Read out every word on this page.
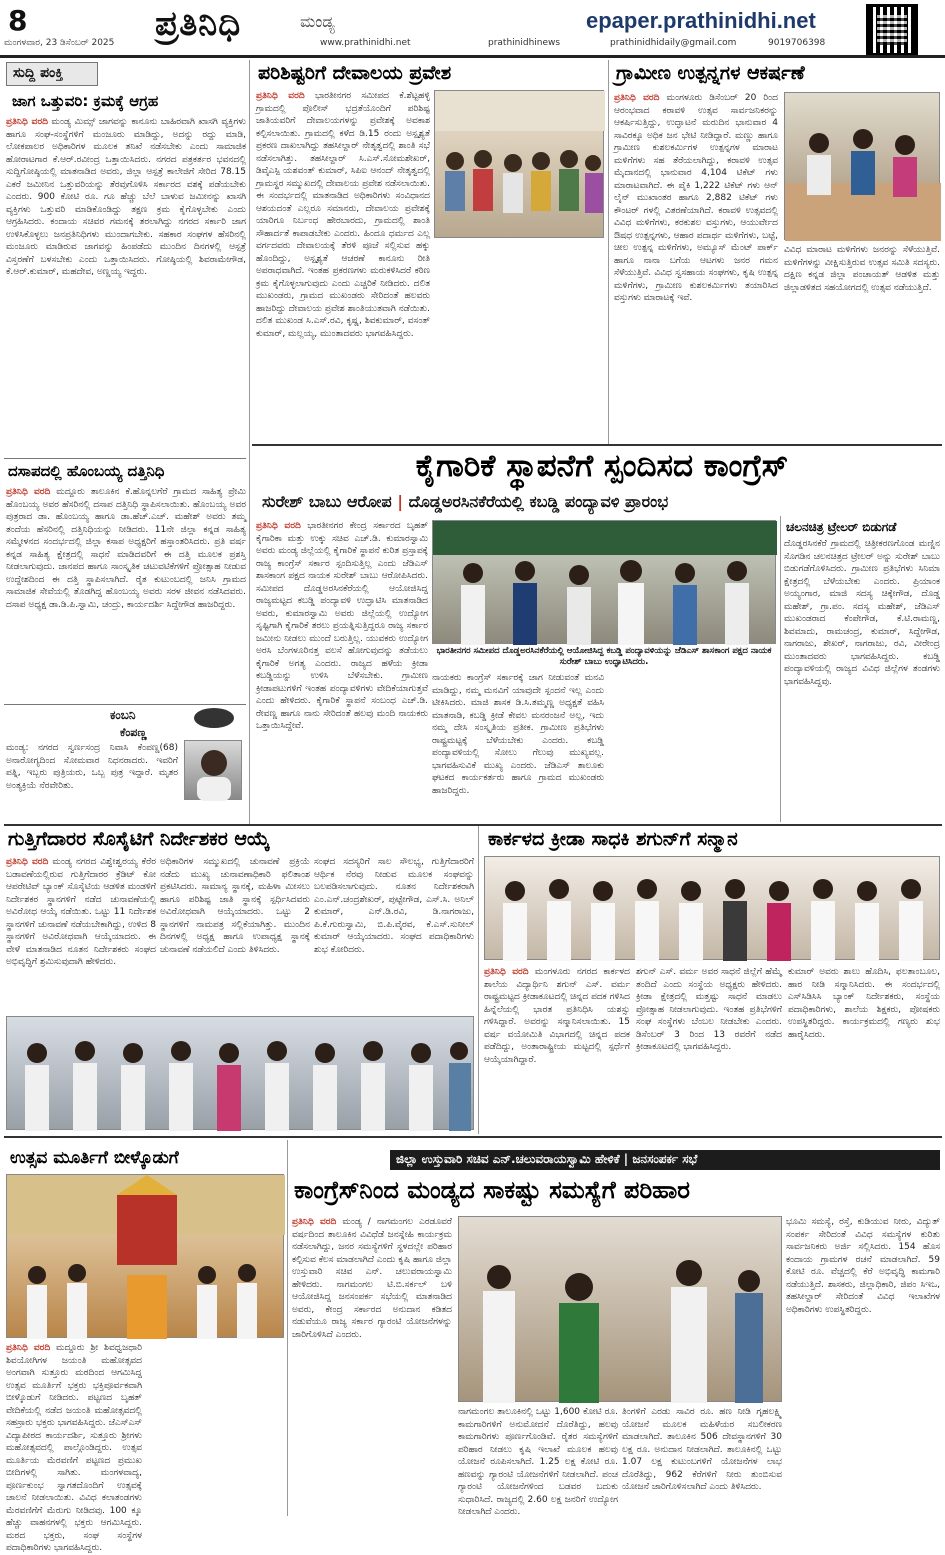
8	ಪ್ರತಿನಿಧಿ	ಮಂಡ್ಯ	epaper.prathinidhi.net
ಮಂಗಳವಾರ, 23 ಡಿಸೆಂಬರ್ 2025	www.prathinidhi.net	prathinidhinews	prathinidhidaily@gmail.com	9019706398
ಸುದ್ದಿ ಪಂಕ್ತಿ
ಜಾಗ ಒತ್ತುವರಿ: ಕ್ರಮಕ್ಕೆ ಆಗ್ರಹ
ಪ್ರತಿನಿಧಿ ವರದಿ ಮಂಡ್ಯ ಮಿಮ್ಸ್ ಜಾಗವನ್ನು ಕಾನೂನು ಬಾಹಿರವಾಗಿ ಖಾಸಗಿ ವ್ಯಕ್ತಿಗಳು ಹಾಗೂ ಸಂಘ-ಸಂಸ್ಥೆಗಳಿಗೆ ಮಂಜೂರು ಮಾಡಿದ್ದು, ಅದನ್ನು ರದ್ದು ಮಾಡಿ, ಲೋಕಪಾಲರ ಅಧಿಕಾರಿಗಳ ಮೂಲಕ ತನಿಖೆ ನಡೆಸಬೇಕು ಎಂದು ಸಾಮಾಜಿಕ ಹೋರಾಟಗಾರ ಕೆ.ಆರ್.ರವೀಂದ್ರ ಒತ್ತಾಯಿಸಿದರು. ನಗರದ ಪತ್ರಕರ್ತರ ಭವನದಲ್ಲಿ ಸುದ್ದಿಗೋಷ್ಠಿಯಲ್ಲಿ ಮಾತನಾಡಿದ ಅವರು, ಜಿಲ್ಲಾ ಆಸ್ಪತ್ರೆ ಕಾಲೇಜಿಗೆ ಸೇರಿದ 78.15 ಎಕರೆ ಜಮೀನಿನ ಒತ್ತುವರಿಯನ್ನು ತೆರವುಗೊಳಿಸಿ ಸರ್ಕಾರದ ವಶಕ್ಕೆ ಪಡೆಯಬೇಕು ಎಂದರು. 900 ಕೋಟಿ ರೂ. ಗೂ ಹೆಚ್ಚು ಬೆಲೆ ಬಾಳುವ ಜಮೀನನ್ನು ಖಾಸಗಿ ವ್ಯಕ್ತಿಗಳು ಒತ್ತುವರಿ ಮಾಡಿಕೊಂಡಿದ್ದು ತಕ್ಷಣ ಕ್ರಮ ಕೈಗೊಳ್ಳಬೇಕು ಎಂದು ಆಗ್ರಹಿಸಿದರು. ಕಂದಾಯ ಸಚಿವರ ಗಮನಕ್ಕೆ ತರಲಾಗಿದ್ದು ನಗರದ ಸರ್ಕಾರಿ ಜಾಗ ಉಳಿಸಿಕೊಳ್ಳಲು ಜನಪ್ರತಿನಿಧಿಗಳು ಮುಂದಾಗಬೇಕು. ಸಹಕಾರ ಸಂಘಗಳ ಹೆಸರಿನಲ್ಲಿ ಮಂಜೂರು ಮಾಡಿರುವ ಜಾಗವನ್ನು ಹಿಂಪಡೆದು ಮುಂದಿನ ದಿನಗಳಲ್ಲಿ ಆಸ್ಪತ್ರೆ ವಿಸ್ತರಣೆಗೆ ಬಳಸಬೇಕು ಎಂದು ಒತ್ತಾಯಿಸಿದರು. ಗೋಷ್ಠಿಯಲ್ಲಿ ಶಿವರಾಮೇಗೌಡ, ಕೆ.ಆರ್.ಕುಮಾರ್, ಮಹದೇವ, ಅಣ್ಣಯ್ಯ ಇದ್ದರು.
ದಸಾಪದಲ್ಲಿ ಹೊಂಬಯ್ಯ ದತ್ತಿನಿಧಿ
ಪ್ರತಿನಿಧಿ ವರದಿ ಮದ್ದೂರು ತಾಲೂಕಿನ ಕೆ.ಹೊನ್ನಲಗೆರೆ ಗ್ರಾಮದ ಸಾಹಿತ್ಯ ಪ್ರೇಮಿ ಹೊಂಬಯ್ಯ ಅವರ ಹೆಸರಿನಲ್ಲಿ ದಸಾಪ ದತ್ತಿನಿಧಿ ಸ್ಥಾಪಿಸಲಾಯಿತು. ಹೊಂಬಯ್ಯ ಅವರ ಪುತ್ರರಾದ ಡಾ. ಹೊಂಬಯ್ಯ ಹಾಗೂ ಡಾ.ಹೆಚ್.ಎಚ್. ಮಹೇಶ್ ಅವರು ತಮ್ಮ ತಂದೆಯ ಹೆಸರಿನಲ್ಲಿ ದತ್ತಿನಿಧಿಯನ್ನು ನೀಡಿದರು. 11ನೇ ಜಿಲ್ಲಾ ಕನ್ನಡ ಸಾಹಿತ್ಯ ಸಮ್ಮೇಳನದ ಸಂದರ್ಭದಲ್ಲಿ ಜಿಲ್ಲಾ ಕಸಾಪ ಅಧ್ಯಕ್ಷರಿಗೆ ಹಸ್ತಾಂತರಿಸಿದರು. ಪ್ರತಿ ವರ್ಷ ಕನ್ನಡ ಸಾಹಿತ್ಯ ಕ್ಷೇತ್ರದಲ್ಲಿ ಸಾಧನೆ ಮಾಡಿದವರಿಗೆ ಈ ದತ್ತಿ ಮೂಲಕ ಪ್ರಶಸ್ತಿ ನೀಡಲಾಗುವುದು. ಜಾನಪದ ಹಾಗೂ ಸಾಂಸ್ಕೃತಿಕ ಚಟುವಟಿಕೆಗಳಿಗೆ ಪ್ರೋತ್ಸಾಹ ನೀಡುವ ಉದ್ದೇಶದಿಂದ ಈ ದತ್ತಿ ಸ್ಥಾಪಿಸಲಾಗಿದೆ. ರೈತ ಕುಟುಂಬದಲ್ಲಿ ಜನಿಸಿ ಗ್ರಾಮದ ಸಾಮಾಜಿಕ ಸೇವೆಯಲ್ಲಿ ತೊಡಗಿದ್ದ ಹೊಂಬಯ್ಯ ಅವರು ಸರಳ ಜೀವನ ನಡೆಸಿದವರು. ದಸಾಪ ಅಧ್ಯಕ್ಷ ಡಾ.ಡಿ.ಪಿ.ಸ್ವಾಮಿ, ಚಂದ್ರು, ಕಾರ್ಯದರ್ಶಿ ಸಿದ್ದೇಗೌಡ ಹಾಜರಿದ್ದರು.
ಕಂಬನಿ
ಕೆಂಪಣ್ಣ
ಮಂಡ್ಯ: ನಗರದ ಸ್ವರ್ಣಸಂದ್ರ ನಿವಾಸಿ ಕೆಂಪಣ್ಣ(68) ಅನಾರೋಗ್ಯದಿಂದ ಸೋಮವಾರ ನಿಧನರಾದರು. ಇವರಿಗೆ ಪತ್ನಿ, ಇಬ್ಬರು ಪುತ್ರಿಯರು, ಒಬ್ಬ ಪುತ್ರ ಇದ್ದಾರೆ. ಮೃತರ ಅಂತ್ಯಕ್ರಿಯೆ ನೆರವೇರಿತು.
ಪರಿಶಿಷ್ಟರಿಗೆ ದೇವಾಲಯ ಪ್ರವೇಶ
ಪ್ರತಿನಿಧಿ ವರದಿ ಭಾರತೀನಗರ ಸಮೀಪದ ಕೆ.ಶೆಟ್ಟಹಳ್ಳಿ ಗ್ರಾಮದಲ್ಲಿ ಪೊಲೀಸ್ ಭದ್ರತೆಯೊಂದಿಗೆ ಪರಿಶಿಷ್ಟ ಜಾತಿಯವರಿಗೆ ದೇವಾಲಯಗಳನ್ನು ಪ್ರವೇಶಕ್ಕೆ ಅವಕಾಶ ಕಲ್ಪಿಸಲಾಯಿತು. ಗ್ರಾಮದಲ್ಲಿ ಕಳೆದ ಡಿ.15 ರಂದು ಅಸ್ಪೃಶ್ಯತೆ ಪ್ರಕರಣ ದಾಖಲಾಗಿದ್ದು ತಹಸೀಲ್ದಾರ್ ನೇತೃತ್ವದಲ್ಲಿ ಶಾಂತಿ ಸಭೆ ನಡೆಸಲಾಗಿತ್ತು. ತಹಸೀಲ್ದಾರ್ ಸಿ.ಎಸ್.ಸೋಮಶೇಖರ್, ಡಿವೈಎಸ್ಪಿ ಯಶವಂತ್ ಕುಮಾರ್, ಸಿಪಿಐ ಆನಂದ್ ನೇತೃತ್ವದಲ್ಲಿ ಗ್ರಾಮಸ್ಥರ ಸಮ್ಮುಖದಲ್ಲಿ ದೇವಾಲಯ ಪ್ರವೇಶ ನಡೆಸಲಾಯಿತು. ಈ ಸಂದರ್ಭದಲ್ಲಿ ಮಾತನಾಡಿದ ಅಧಿಕಾರಿಗಳು ಸಂವಿಧಾನದ ಆಶಯದಂತೆ ಎಲ್ಲರೂ ಸಮಾನರು, ದೇವಾಲಯ ಪ್ರವೇಶಕ್ಕೆ ಯಾರಿಗೂ ನಿರ್ಬಂಧ ಹೇರಬಾರದು, ಗ್ರಾಮದಲ್ಲಿ ಶಾಂತಿ ಸೌಹಾರ್ದತೆ ಕಾಪಾಡಬೇಕು ಎಂದರು. ಹಿಂದೂ ಧರ್ಮದ ಎಲ್ಲ ವರ್ಗದವರು ದೇವಾಲಯಕ್ಕೆ ತೆರಳಿ ಪೂಜೆ ಸಲ್ಲಿಸುವ ಹಕ್ಕು ಹೊಂದಿದ್ದು, ಅಸ್ಪೃಶ್ಯತೆ ಆಚರಣೆ ಕಾನೂನು ರೀತಿ ಅಪರಾಧವಾಗಿದೆ. ಇಂತಹ ಪ್ರಕರಣಗಳು ಮರುಕಳಿಸಿದರೆ ಕಠಿಣ ಕ್ರಮ ಕೈಗೊಳ್ಳಲಾಗುವುದು ಎಂದು ಎಚ್ಚರಿಕೆ ನೀಡಿದರು. ದಲಿತ ಮುಖಂಡರು, ಗ್ರಾಮದ ಮುಖಂಡರು ಸೇರಿದಂತೆ ಹಲವರು ಹಾಜರಿದ್ದು ದೇವಾಲಯ ಪ್ರವೇಶ ಶಾಂತಿಯುತವಾಗಿ ನಡೆಯಿತು. ದಲಿತ ಮುಖಂಡ ಸಿ.ಎಸ್.ರವಿ, ಕೃಷ್ಣ, ಶಿವಕುಮಾರ್, ವಸಂತ್ ಕುಮಾರ್, ಮಲ್ಲಯ್ಯ, ಮುಂತಾದವರು ಭಾಗವಹಿಸಿದ್ದರು.
ಗ್ರಾಮೀಣ ಉತ್ಪನ್ನಗಳ ಆಕರ್ಷಣೆ
ಪ್ರತಿನಿಧಿ ವರದಿ ಮಂಗಳೂರು ಡಿಸೆಂಬರ್ 20 ರಿಂದ ಆರಂಭವಾದ ಕರಾವಳಿ ಉತ್ಸವ ಸಾರ್ವಜನಿಕರನ್ನು ಆಕರ್ಷಿಸುತ್ತಿದ್ದು, ಉದ್ಘಾಟನೆ ಮರುದಿನ ಭಾನುವಾರ 4 ಸಾವಿರಕ್ಕೂ ಅಧಿಕ ಜನ ಭೇಟಿ ನೀಡಿದ್ದಾರೆ. ಮಣ್ಣು ಹಾಗೂ ಗ್ರಾಮೀಣ ಕುಶಲಕರ್ಮಿಗಳ ಉತ್ಪನ್ನಗಳ ಮಾರಾಟ ಮಳಿಗೆಗಳು ಸಹ ತೆರೆಯಲಾಗಿದ್ದು, ಕರಾವಳಿ ಉತ್ಸವ ಮೈದಾನದಲ್ಲಿ ಭಾನುವಾರ 4,104 ಟಿಕೆಟ್ ಗಳು ಮಾರಾಟವಾಗಿದೆ. ಈ ಪೈಕಿ 1,222 ಟಿಕೆಟ್ ಗಳು ಆನ್ ಲೈನ್ ಮುಖಾಂತರ ಹಾಗೂ 2,882 ಟಿಕೆಟ್ ಗಳು ಕೌಂಟರ್ ಗಳಲ್ಲಿ ವಿತರಣೆಯಾಗಿದೆ. ಕರಾವಳಿ ಉತ್ಸವದಲ್ಲಿ ವಿವಿಧ ಮಳಿಗೆಗಳು, ಕರಕುಶಲ ವಸ್ತುಗಳು, ಆಯುರ್ವೇದ ಔಷಧ ಉತ್ಪನ್ನಗಳು, ಆಹಾರ ಪದಾರ್ಥ ಮಳಿಗೆಗಳು, ಬಟ್ಟೆ, ಚೀಲ ಉತ್ಪನ್ನ ಮಳಿಗೆಗಳು, ಅಮ್ಯೂಸ್ ಮೆಂಟ್ ಪಾರ್ಕ್ ಹಾಗೂ ನಾನಾ ಬಗೆಯ ಆಟಗಳು ಜನರ ಗಮನ ಸೆಳೆಯುತ್ತಿವೆ. ವಿವಿಧ ಸ್ವಸಹಾಯ ಸಂಘಗಳು, ಕೃಷಿ ಉತ್ಪನ್ನ ಮಳಿಗೆಗಳು, ಗ್ರಾಮೀಣ ಕುಶಲಕರ್ಮಿಗಳು ತಯಾರಿಸಿದ ವಸ್ತುಗಳು ಮಾರಾಟಕ್ಕೆ ಇವೆ.
ವಿವಿಧ ಮಾರಾಟ ಮಳಿಗೆಗಳು ಜನರನ್ನು ಸೆಳೆಯುತ್ತಿವೆ. ಮಳಿಗೆಗಳನ್ನು ವೀಕ್ಷಿಸುತ್ತಿರುವ ಉತ್ಸವ ಸಮಿತಿ ಸದಸ್ಯರು. ದಕ್ಷಿಣ ಕನ್ನಡ ಜಿಲ್ಲಾ ಪಂಚಾಯತ್ ಆಡಳಿತ ಮತ್ತು ಜಿಲ್ಲಾಡಳಿತದ ಸಹಯೋಗದಲ್ಲಿ ಉತ್ಸವ ನಡೆಯುತ್ತಿದೆ.
ಕೈಗಾರಿಕೆ ಸ್ಥಾಪನೆಗೆ ಸ್ಪಂದಿಸದ ಕಾಂಗ್ರೆಸ್
ಸುರೇಶ್ ಬಾಬು ಆರೋಪ | ದೊಡ್ಡಅರಸಿನಕೆರೆಯಲ್ಲಿ ಕಬಡ್ಡಿ ಪಂದ್ಯಾವಳಿ ಪ್ರಾರಂಭ
ಪ್ರತಿನಿಧಿ ವರದಿ ಭಾರತೀನಗರ ಕೇಂದ್ರ ಸರ್ಕಾರದ ಬೃಹತ್ ಕೈಗಾರಿಕಾ ಮತ್ತು ಉಕ್ಕು ಸಚಿವ ಎಚ್.ಡಿ. ಕುಮಾರಸ್ವಾಮಿ ಅವರು ಮಂಡ್ಯ ಜಿಲ್ಲೆಯಲ್ಲಿ ಕೈಗಾರಿಕೆ ಸ್ಥಾಪನೆ ಕುರಿತ ಪ್ರಸ್ತಾಪಕ್ಕೆ ರಾಜ್ಯ ಕಾಂಗ್ರೆಸ್ ಸರ್ಕಾರ ಸ್ಪಂದಿಸುತ್ತಿಲ್ಲ ಎಂದು ಜೆಡಿಎಸ್ ಶಾಸಕಾಂಗ ಪಕ್ಷದ ನಾಯಕ ಸುರೇಶ್ ಬಾಬು ಆರೋಪಿಸಿದರು. ಸಮೀಪದ ದೊಡ್ಡಅರಸಿನಕೆರೆಯಲ್ಲಿ ಆಯೋಜಿಸಿದ್ದ ರಾಜ್ಯಮಟ್ಟದ ಕಬಡ್ಡಿ ಪಂದ್ಯಾವಳಿ ಉದ್ಘಾಟಿಸಿ ಮಾತನಾಡಿದ ಅವರು, ಕುಮಾರಸ್ವಾಮಿ ಅವರು ಜಿಲ್ಲೆಯಲ್ಲಿ ಉದ್ಯೋಗ ಸೃಷ್ಟಿಗಾಗಿ ಕೈಗಾರಿಕೆ ತರಲು ಪ್ರಯತ್ನಿಸುತ್ತಿದ್ದರೂ ರಾಜ್ಯ ಸರ್ಕಾರ ಜಮೀನು ನೀಡಲು ಮುಂದೆ ಬರುತ್ತಿಲ್ಲ. ಯುವಕರು ಉದ್ಯೋಗ ಅರಸಿ ಬೆಂಗಳೂರಿನತ್ತ ವಲಸೆ ಹೋಗುವುದನ್ನು ತಡೆಯಲು ಕೈಗಾರಿಕೆ ಅಗತ್ಯ ಎಂದರು. ರಾಜ್ಯದ ಹಳೆಯ ಕ್ರೀಡಾ ಕಬಡ್ಡಿಯನ್ನು ಉಳಿಸಿ ಬೆಳೆಸಬೇಕು. ಗ್ರಾಮೀಣ ಕ್ರೀಡಾಪಟುಗಳಿಗೆ ಇಂತಹ ಪಂದ್ಯಾವಳಿಗಳು ವೇದಿಕೆಯಾಗುತ್ತವೆ ಎಂದು ಹೇಳಿದರು. ಕೈಗಾರಿಕೆ ಸ್ಥಾಪನೆ ಸಂಬಂಧ ಎಚ್.ಡಿ. ರೇವಣ್ಣ ಹಾಗೂ ನಾನು ಸೇರಿದಂತೆ ಹಲವು ಮಂದಿ ನಾಯಕರು ಒತ್ತಾಯಿಸಿದ್ದೇವೆ.
ಭಾರತೀನಗರ ಸಮೀಪದ ದೊಡ್ಡಅರಸಿನಕೆರೆಯಲ್ಲಿ ಆಯೋಜಿಸಿದ್ದ ಕಬಡ್ಡಿ ಪಂದ್ಯಾವಳಿಯನ್ನು ಜೆಡಿಎಸ್ ಶಾಸಕಾಂಗ ಪಕ್ಷದ ನಾಯಕ ಸುರೇಶ್ ಬಾಬು ಉದ್ಘಾಟಿಸಿದರು.
ನಾಯಕರು ಕಾಂಗ್ರೆಸ್ ಸರ್ಕಾರಕ್ಕೆ ಜಾಗ ನೀಡುವಂತೆ ಮನವಿ ಮಾಡಿದ್ದು, ನಮ್ಮ ಮನವಿಗೆ ಯಾವುದೇ ಸ್ಪಂದನೆ ಇಲ್ಲ ಎಂದು ಟೀಕಿಸಿದರು. ಮಾಜಿ ಶಾಸಕ ಡಿ.ಸಿ.ತಮ್ಮಣ್ಣ ಅಧ್ಯಕ್ಷತೆ ವಹಿಸಿ ಮಾತನಾಡಿ, ಕಬಡ್ಡಿ ಕ್ರೀಡೆ ಕೇವಲ ಮನರಂಜನೆ ಅಲ್ಲ, ಇದು ನಮ್ಮ ದೇಸಿ ಸಂಸ್ಕೃತಿಯ ಪ್ರತೀಕ. ಗ್ರಾಮೀಣ ಪ್ರತಿಭೆಗಳು ರಾಷ್ಟ್ರಮಟ್ಟಕ್ಕೆ ಬೆಳೆಯಬೇಕು ಎಂದರು. ಕಬಡ್ಡಿ ಪಂದ್ಯಾವಳಿಯಲ್ಲಿ ಸೋಲು ಗೆಲುವು ಮುಖ್ಯವಲ್ಲ. ಭಾಗವಹಿಸುವಿಕೆ ಮುಖ್ಯ ಎಂದರು. ಜೆಡಿಎಸ್ ತಾಲೂಕು ಘಟಕದ ಕಾರ್ಯಕರ್ತರು ಹಾಗೂ ಗ್ರಾಮದ ಮುಖಂಡರು ಹಾಜರಿದ್ದರು.
ಚಲನಚಿತ್ರ ಟ್ರೇಲರ್ ಬಿಡುಗಡೆ
ದೊಡ್ಡರಸಿನಕೆರೆ ಗ್ರಾಮದಲ್ಲಿ ಚಿತ್ರೀಕರಣಗೊಂಡ ಮಣ್ಣಿನ ಸೊಗಡಿನ ಚಲನಚಿತ್ರದ ಟ್ರೇಲರ್ ಅನ್ನು ಸುರೇಶ್ ಬಾಬು ಬಿಡುಗಡೆಗೊಳಿಸಿದರು. ಗ್ರಾಮೀಣ ಪ್ರತಿಭೆಗಳು ಸಿನಿಮಾ ಕ್ಷೇತ್ರದಲ್ಲಿ ಬೆಳೆಯಬೇಕು ಎಂದರು. ಪ್ರಿಯಾಂಕ ಅಯ್ಯಂಗಾರ, ಮಾಜಿ ಸದಸ್ಯ ಚಿಕ್ಕೇಗೌಡ, ದೊಡ್ಡ ಮಹೇಶ್, ಗ್ರಾ.ಪಂ. ಸದಸ್ಯ ಮಹೇಶ್, ಜೆಡಿಎಸ್ ಮುಖಂಡರಾದ ಕೆಂಪೇಗೌಡ, ಕೆ.ಟಿ.ರಾಮಣ್ಣ, ಶಿವಮಾದು, ರಾಮಚಂದ್ರ, ಕುಮಾರ್, ಸಿದ್ದೇಗೌಡ, ನಾಗರಾಜು, ಶೇಖರ್, ನಾಗರಾಜು, ರವಿ, ವೀರೇಂದ್ರ ಮುಂತಾದವರು ಭಾಗವಹಿಸಿದ್ದರು. ಕಬಡ್ಡಿ ಪಂದ್ಯಾವಳಿಯಲ್ಲಿ ರಾಜ್ಯದ ವಿವಿಧ ಜಿಲ್ಲೆಗಳ ತಂಡಗಳು ಭಾಗವಹಿಸಿದ್ದವು.
ಗುತ್ತಿಗೆದಾರರ ಸೊಸೈಟಿಗೆ ನಿರ್ದೇಶಕರ ಆಯ್ಕೆ
ಪ್ರತಿನಿಧಿ ವರದಿ ಮಂಡ್ಯ ನಗರದ ವಿಶ್ವೇಶ್ವರಯ್ಯ ಕೆರೆರ ಬಡಾವಣೆಯಲ್ಲಿರುವ ಗುತ್ತಿಗೆದಾರರ ಕ್ರೆಡಿಟ್ ಕೋ ಆಪರೇಟಿವ್ ಬ್ಯಾಂಕ್ ಸೊಸೈಟಿಯ ಆಡಳಿತ ಮಂಡಳಿಗೆ ನಿರ್ದೇಶಕರ ಸ್ಥಾನಗಳಿಗೆ ನಡೆದ ಚುನಾವಣೆಯಲ್ಲಿ ಅವಿರೋಧ ಆಯ್ಕೆ ನಡೆಯಿತು. ಒಟ್ಟು 11 ನಿರ್ದೇಶಕ ಸ್ಥಾನಗಳಿಗೆ ಚುನಾವಣೆ ನಡೆಯಬೇಕಾಗಿದ್ದು, ಉಳಿದ 8 ಸ್ಥಾನಗಳಿಗೆ ಅವಿರೋಧವಾಗಿ ಆಯ್ಕೆಯಾದರು. ಈ ವೇಳೆ ಮಾತನಾಡಿದ ನೂತನ ನಿರ್ದೇಶಕರು ಸಂಘದ ಅಭಿವೃದ್ಧಿಗೆ ಶ್ರಮಿಸುವುದಾಗಿ ಹೇಳಿದರು.
ಅಧಿಕಾರಿಗಳ ಸಮ್ಮುಖದಲ್ಲಿ ಚುನಾವಣೆ ಪ್ರಕ್ರಿಯೆ ನಡೆದು ಮುಖ್ಯ ಚುನಾವಣಾಧಿಕಾರಿ ಫಲಿತಾಂಶ ಪ್ರಕಟಿಸಿದರು. ಸಾಮಾನ್ಯ ಸ್ಥಾನಕ್ಕೆ, ಮಹಿಳಾ ಮೀಸಲು ಹಾಗೂ ಪರಿಶಿಷ್ಟ ಜಾತಿ ಸ್ಥಾನಕ್ಕೆ ಸ್ಪರ್ಧಿಸಿದವರು ಅವಿರೋಧವಾಗಿ ಆಯ್ಕೆಯಾದರು. ಒಟ್ಟು 2 ಸ್ಥಾನಗಳಿಗೆ ನಾಮಪತ್ರ ಸಲ್ಲಿಕೆಯಾಗಿತ್ತು. ಮುಂದಿನ ದಿನಗಳಲ್ಲಿ ಅಧ್ಯಕ್ಷ ಹಾಗೂ ಉಪಾಧ್ಯಕ್ಷ ಸ್ಥಾನಕ್ಕೆ ಚುನಾವಣೆ ನಡೆಯಲಿದೆ ಎಂದು ತಿಳಿಸಿದರು.
ಸಂಘದ ಸದಸ್ಯರಿಗೆ ಸಾಲ ಸೌಲಭ್ಯ, ಗುತ್ತಿಗೆದಾರರಿಗೆ ಆರ್ಥಿಕ ನೆರವು ನೀಡುವ ಮೂಲಕ ಸಂಘವನ್ನು ಬಲಪಡಿಸಲಾಗುವುದು. ನೂತನ ನಿರ್ದೇಶಕರಾಗಿ ಎಂ.ಎನ್.ಚಂದ್ರಶೇಖರ್, ಪುಟ್ಟೇಗೌಡ, ಎಸ್.ಸಿ. ಅನಿಲ್ ಕುಮಾರ್, ಎನ್.ಡಿ.ರವಿ, ಡಿ.ನಾಗರಾಜು, ಪಿ.ಕೆ.ಗುರುಸ್ವಾಮಿ, ಬಿ.ಪಿ.ವೈರವ, ಕೆ.ಎಸ್.ಸುನೀಲ್ ಕುಮಾರ್ ಆಯ್ಕೆಯಾದರು. ಸಂಘದ ಪದಾಧಿಕಾರಿಗಳು ಶುಭ ಕೋರಿದರು.
ಕಾರ್ಕಳದ ಕ್ರೀಡಾ ಸಾಧಕಿ ಶಗುನ್‌ಗೆ ಸನ್ಮಾನ
ಪ್ರತಿನಿಧಿ ವರದಿ ಮಂಗಳೂರು ನಗರದ ಕಾರ್ಕಳದ ಶಾಲೆಯ ವಿದ್ಯಾರ್ಥಿನಿ ಶಗುನ್ ಎಸ್. ವರ್ಮ ರಾಷ್ಟ್ರಮಟ್ಟದ ಕ್ರೀಡಾಕೂಟದಲ್ಲಿ ಚಿನ್ನದ ಪದಕ ಗಳಿಸಿದ ಹಿನ್ನೆಲೆಯಲ್ಲಿ ಭಾರತ ಪ್ರತಿನಿಧಿಸಿ ಯಶಸ್ಸು ಗಳಿಸಿದ್ದಾರೆ. ಅವರನ್ನು ಸನ್ಮಾನಿಸಲಾಯಿತು. 15 ವರ್ಷ ವಯೋಮಿತಿ ವಿಭಾಗದಲ್ಲಿ ಚಿನ್ನದ ಪದಕ ಪಡೆದಿದ್ದು, ಅಂತಾರಾಷ್ಟ್ರೀಯ ಮಟ್ಟದಲ್ಲಿ ಸ್ಪರ್ಧೆಗೆ ಆಯ್ಕೆಯಾಗಿದ್ದಾರೆ.
ಶಗುನ್ ಎಸ್. ವರ್ಮ ಅವರ ಸಾಧನೆ ಜಿಲ್ಲೆಗೆ ಹೆಮ್ಮೆ ತಂದಿದೆ ಎಂದು ಸಂಸ್ಥೆಯ ಅಧ್ಯಕ್ಷರು ಹೇಳಿದರು. ಕ್ರೀಡಾ ಕ್ಷೇತ್ರದಲ್ಲಿ ಮತ್ತಷ್ಟು ಸಾಧನೆ ಮಾಡಲು ಪ್ರೋತ್ಸಾಹ ನೀಡಲಾಗುವುದು. ಇಂತಹ ಪ್ರತಿಭೆಗಳಿಗೆ ಸಂಘ ಸಂಸ್ಥೆಗಳು ಬೆಂಬಲ ನೀಡಬೇಕು ಎಂದರು. ಡಿಸೆಂಬರ್ 3 ರಿಂದ 13 ರವರೆಗೆ ನಡೆದ ಕ್ರೀಡಾಕೂಟದಲ್ಲಿ ಭಾಗವಹಿಸಿದ್ದರು.
ಕುಮಾರ್ ಅವರು ಶಾಲು ಹೊದಿಸಿ, ಫಲತಾಂಬೂಲ, ಹಾರ ನೀಡಿ ಸನ್ಮಾನಿಸಿದರು. ಈ ಸಂದರ್ಭದಲ್ಲಿ ಎಸ್‌ಸಿಡಿಸಿಸಿ ಬ್ಯಾಂಕ್ ನಿರ್ದೇಶಕರು, ಸಂಸ್ಥೆಯ ಪದಾಧಿಕಾರಿಗಳು, ಶಾಲೆಯ ಶಿಕ್ಷಕರು, ಪೋಷಕರು ಉಪಸ್ಥಿತರಿದ್ದರು. ಕಾರ್ಯಕ್ರಮದಲ್ಲಿ ಗಣ್ಯರು ಶುಭ ಹಾರೈಸಿದರು.
ಉತ್ಸವ ಮೂರ್ತಿಗೆ ಬೀಳ್ಕೊಡುಗೆ
ಪ್ರತಿನಿಧಿ ವರದಿ ಮದ್ದೂರು ಶ್ರೀ ಶಿವಧ್ವಜಧಾರಿ ಶಿವಯೋಗಿಗಳ ಜಯಂತಿ ಮಹೋತ್ಸವದ ಅಂಗವಾಗಿ ಸುತ್ತೂರು ಮಠದಿಂದ ಆಗಮಿಸಿದ್ದ ಉತ್ಸವ ಮೂರ್ತಿಗೆ ಭಕ್ತರು ಭಕ್ತಿಪೂರ್ವಕವಾಗಿ ಬೀಳ್ಕೊಡುಗೆ ನೀಡಿದರು. ಪಟ್ಟಣದ ಬೃಹತ್ ವೇದಿಕೆಯಲ್ಲಿ ನಡೆದ ಜಯಂತಿ ಮಹೋತ್ಸವದಲ್ಲಿ ಸಹಸ್ರಾರು ಭಕ್ತರು ಭಾಗವಹಿಸಿದ್ದರು. ಜೆಎಸ್ಎಸ್ ವಿದ್ಯಾಪೀಠದ ಕಾರ್ಯದರ್ಶಿ, ಸುತ್ತೂರು ಶ್ರೀಗಳು ಮಹೋತ್ಸವದಲ್ಲಿ ಪಾಲ್ಗೊಂಡಿದ್ದರು. ಉತ್ಸವ ಮೂರ್ತಿಯ ಮೆರವಣಿಗೆ ಪಟ್ಟಣದ ಪ್ರಮುಖ ಬೀದಿಗಳಲ್ಲಿ ಸಾಗಿತು. ಮಂಗಳವಾದ್ಯ, ಪೂರ್ಣಕುಂಭ ಸ್ವಾಗತದೊಂದಿಗೆ ಉತ್ಸವಕ್ಕೆ ಚಾಲನೆ ನೀಡಲಾಯಿತು. ವಿವಿಧ ಕಲಾತಂಡಗಳು ಮೆರವಣಿಗೆಗೆ ಮೆರುಗು ನೀಡಿದವು. 100 ಕ್ಕೂ ಹೆಚ್ಚು ವಾಹನಗಳಲ್ಲಿ ಭಕ್ತರು ಆಗಮಿಸಿದ್ದರು. ಮಠದ ಭಕ್ತರು, ಸಂಘ ಸಂಸ್ಥೆಗಳ ಪದಾಧಿಕಾರಿಗಳು ಭಾಗವಹಿಸಿದ್ದರು.
ಜಿಲ್ಲಾ ಉಸ್ತುವಾರಿ ಸಚಿವ ಎನ್.ಚಲುವರಾಯಸ್ವಾಮಿ ಹೇಳಿಕೆ | ಜನಸಂಪರ್ಕ ಸಭೆ
ಕಾಂಗ್ರೆಸ್‌ನಿಂದ ಮಂಡ್ಯದ ಸಾಕಷ್ಟು ಸಮಸ್ಯೆಗೆ ಪರಿಹಾರ
ಪ್ರತಿನಿಧಿ ವರದಿ ಮಂಡ್ಯ / ನಾಗಮಂಗಲ ಎರಡೂವರೆ ವರ್ಷದಿಂದ ತಾಲೂಕಿನ ವಿವಿಧೆಡೆ ಜನಸ್ನೇಹಿ ಕಾರ್ಯಕ್ರಮ ನಡೆಸಲಾಗಿದ್ದು, ಜನರ ಸಮಸ್ಯೆಗಳಿಗೆ ಸ್ಥಳದಲ್ಲೇ ಪರಿಹಾರ ಕಲ್ಪಿಸುವ ಕೆಲಸ ಮಾಡಲಾಗಿದೆ ಎಂದು ಕೃಷಿ ಹಾಗೂ ಜಿಲ್ಲಾ ಉಸ್ತುವಾರಿ ಸಚಿವ ಎನ್. ಚಲುವರಾಯಸ್ವಾಮಿ ಹೇಳಿದರು. ನಾಗಮಂಗಲ ಟಿ.ಬಿ.ಸರ್ಕಲ್ ಬಳಿ ಆಯೋಜಿಸಿದ್ದ ಜನಸಂಪರ್ಕ ಸಭೆಯಲ್ಲಿ ಮಾತನಾಡಿದ ಅವರು, ಕೇಂದ್ರ ಸರ್ಕಾರದ ಅನುದಾನ ಕಡಿತದ ನಡುವೆಯೂ ರಾಜ್ಯ ಸರ್ಕಾರ ಗ್ಯಾರಂಟಿ ಯೋಜನೆಗಳನ್ನು ಜಾರಿಗೊಳಿಸಿದೆ ಎಂದರು.
ನಾಗಮಂಗಲ ತಾಲೂಕಿನಲ್ಲಿ ಒಟ್ಟು 1,600 ಕೋಟಿ ರೂ. ಕಾಮಗಾರಿಗಳಿಗೆ ಅನುಮೋದನೆ ದೊರೆತಿದ್ದು, ಹಲವು ಕಾಮಗಾರಿಗಳು ಪೂರ್ಣಗೊಂಡಿವೆ. ರೈತರ ಸಮಸ್ಯೆಗಳಿಗೆ ಪರಿಹಾರ ನೀಡಲು ಕೃಷಿ ಇಲಾಖೆ ಮೂಲಕ ಹಲವು ಯೋಜನೆ ರೂಪಿಸಲಾಗಿದೆ. 1.25 ಲಕ್ಷ ಕೋಟಿ ರೂ. ಹಣವನ್ನು ಗ್ಯಾರಂಟಿ ಯೋಜನೆಗಳಿಗೆ ನೀಡಲಾಗಿದೆ. ಪಂಚ ಗ್ಯಾರಂಟಿ ಯೋಜನೆಗಳಿಂದ ಬಡವರ ಬದುಕು ಸುಧಾರಿಸಿದೆ. ರಾಜ್ಯದಲ್ಲಿ 2.60 ಲಕ್ಷ ಜನರಿಗೆ ಉದ್ಯೋಗ ನೀಡಲಾಗಿದೆ ಎಂದರು.
ತಿಂಗಳಿಗೆ ಎರಡು ಸಾವಿರ ರೂ. ಹಣ ನೀಡಿ ಗೃಹಲಕ್ಷ್ಮಿ ಯೋಜನೆ ಮೂಲಕ ಮಹಿಳೆಯರ ಸಬಲೀಕರಣ ಮಾಡಲಾಗಿದೆ. ತಾಲೂಕಿನ 506 ದೇವಸ್ಥಾನಗಳಿಗೆ 30 ಲಕ್ಷ ರೂ. ಅನುದಾನ ನೀಡಲಾಗಿದೆ. ತಾಲೂಕಿನಲ್ಲಿ ಒಟ್ಟು 1.07 ಲಕ್ಷ ಕುಟುಂಬಗಳಿಗೆ ಯೋಜನೆಗಳ ಲಾಭ ದೊರೆತಿದ್ದು, 962 ಕೆರೆಗಳಿಗೆ ನೀರು ತುಂಬಿಸುವ ಯೋಜನೆ ಜಾರಿಗೊಳಿಸಲಾಗಿದೆ ಎಂದು ತಿಳಿಸಿದರು.
ಭೂಮಿ ಸಮಸ್ಯೆ, ರಸ್ತೆ, ಕುಡಿಯುವ ನೀರು, ವಿದ್ಯುತ್ ಸಂಪರ್ಕ ಸೇರಿದಂತೆ ವಿವಿಧ ಸಮಸ್ಯೆಗಳ ಕುರಿತು ಸಾರ್ವಜನಿಕರು ಅರ್ಜಿ ಸಲ್ಲಿಸಿದರು. 154 ಹೊಸ ಕಂದಾಯ ಗ್ರಾಮಗಳ ರಚನೆ ಮಾಡಲಾಗಿದೆ. 59 ಕೋಟಿ ರೂ. ವೆಚ್ಚದಲ್ಲಿ ಕೆರೆ ಅಭಿವೃದ್ಧಿ ಕಾಮಗಾರಿ ನಡೆಯುತ್ತಿದೆ. ಶಾಸಕರು, ಜಿಲ್ಲಾಧಿಕಾರಿ, ಜಿಪಂ ಸಿಇಒ, ತಹಸೀಲ್ದಾರ್ ಸೇರಿದಂತೆ ವಿವಿಧ ಇಲಾಖೆಗಳ ಅಧಿಕಾರಿಗಳು ಉಪಸ್ಥಿತರಿದ್ದರು.
